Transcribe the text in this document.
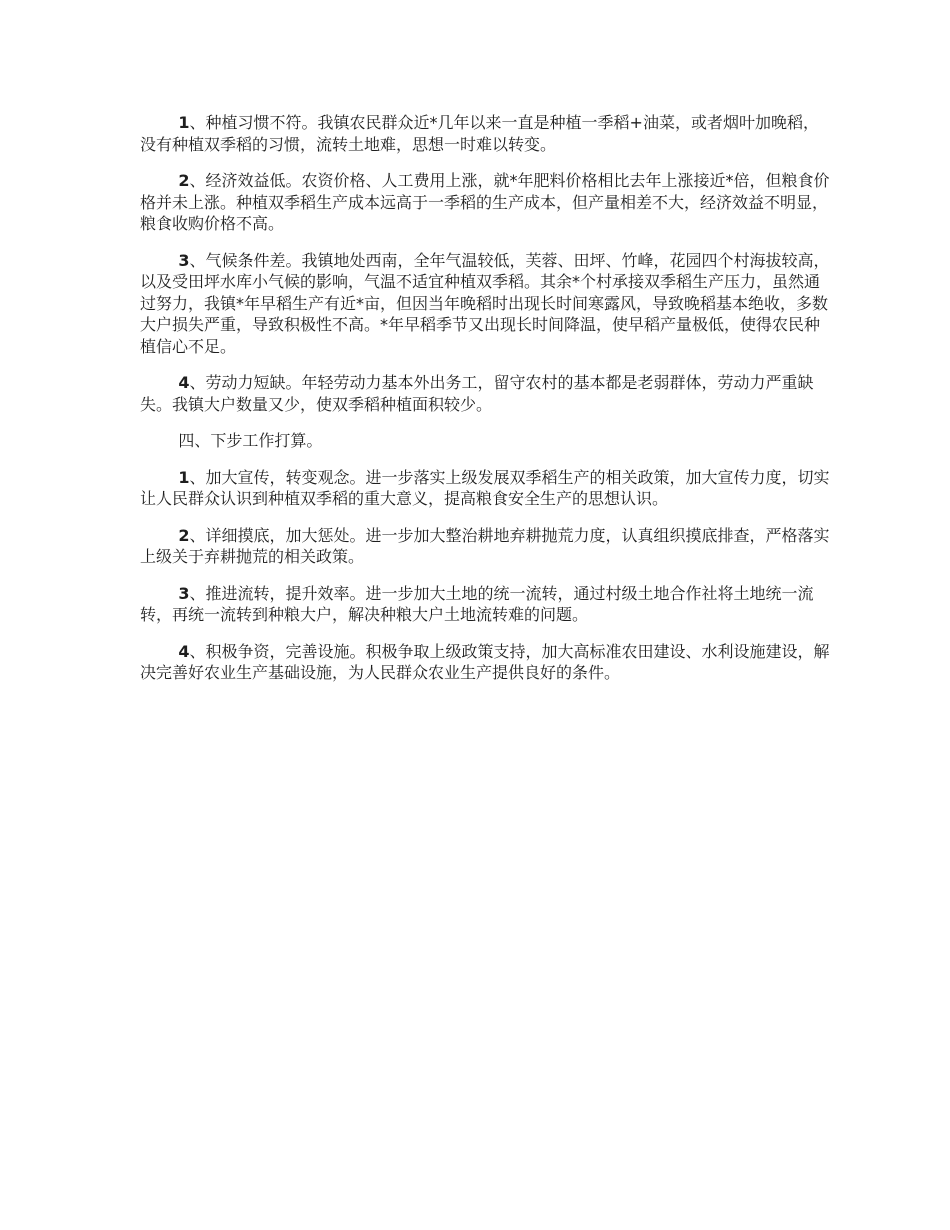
1、种植习惯不符。我镇农民群众近*几年以来一直是种植一季稻+油菜，或者烟叶加晚稻，没有种植双季稻的习惯，流转土地难，思想一时难以转变。

2、经济效益低。农资价格、人工费用上涨，就*年肥料价格相比去年上涨接近*倍，但粮食价格并未上涨。种植双季稻生产成本远高于一季稻的生产成本，但产量相差不大，经济效益不明显，粮食收购价格不高。

3、气候条件差。我镇地处西南，全年气温较低，芙蓉、田坪、竹峰，花园四个村海拔较高，以及受田坪水库小气候的影响，气温不适宜种植双季稻。其余*个村承接双季稻生产压力，虽然通过努力，我镇*年早稻生产有近*亩，但因当年晚稻时出现长时间寒露风，导致晚稻基本绝收，多数大户损失严重，导致积极性不高。*年早稻季节又出现长时间降温，使早稻产量极低，使得农民种植信心不足。

4、劳动力短缺。年轻劳动力基本外出务工，留守农村的基本都是老弱群体，劳动力严重缺失。我镇大户数量又少，使双季稻种植面积较少。

四、下步工作打算。

1、加大宣传，转变观念。进一步落实上级发展双季稻生产的相关政策，加大宣传力度，切实让人民群众认识到种植双季稻的重大意义，提高粮食安全生产的思想认识。

2、详细摸底，加大惩处。进一步加大整治耕地弃耕抛荒力度，认真组织摸底排查，严格落实上级关于弃耕抛荒的相关政策。

3、推进流转，提升效率。进一步加大土地的统一流转，通过村级土地合作社将土地统一流转，再统一流转到种粮大户，解决种粮大户土地流转难的问题。

4、积极争资，完善设施。积极争取上级政策支持，加大高标准农田建设、水利设施建设，解决完善好农业生产基础设施，为人民群众农业生产提供良好的条件。
